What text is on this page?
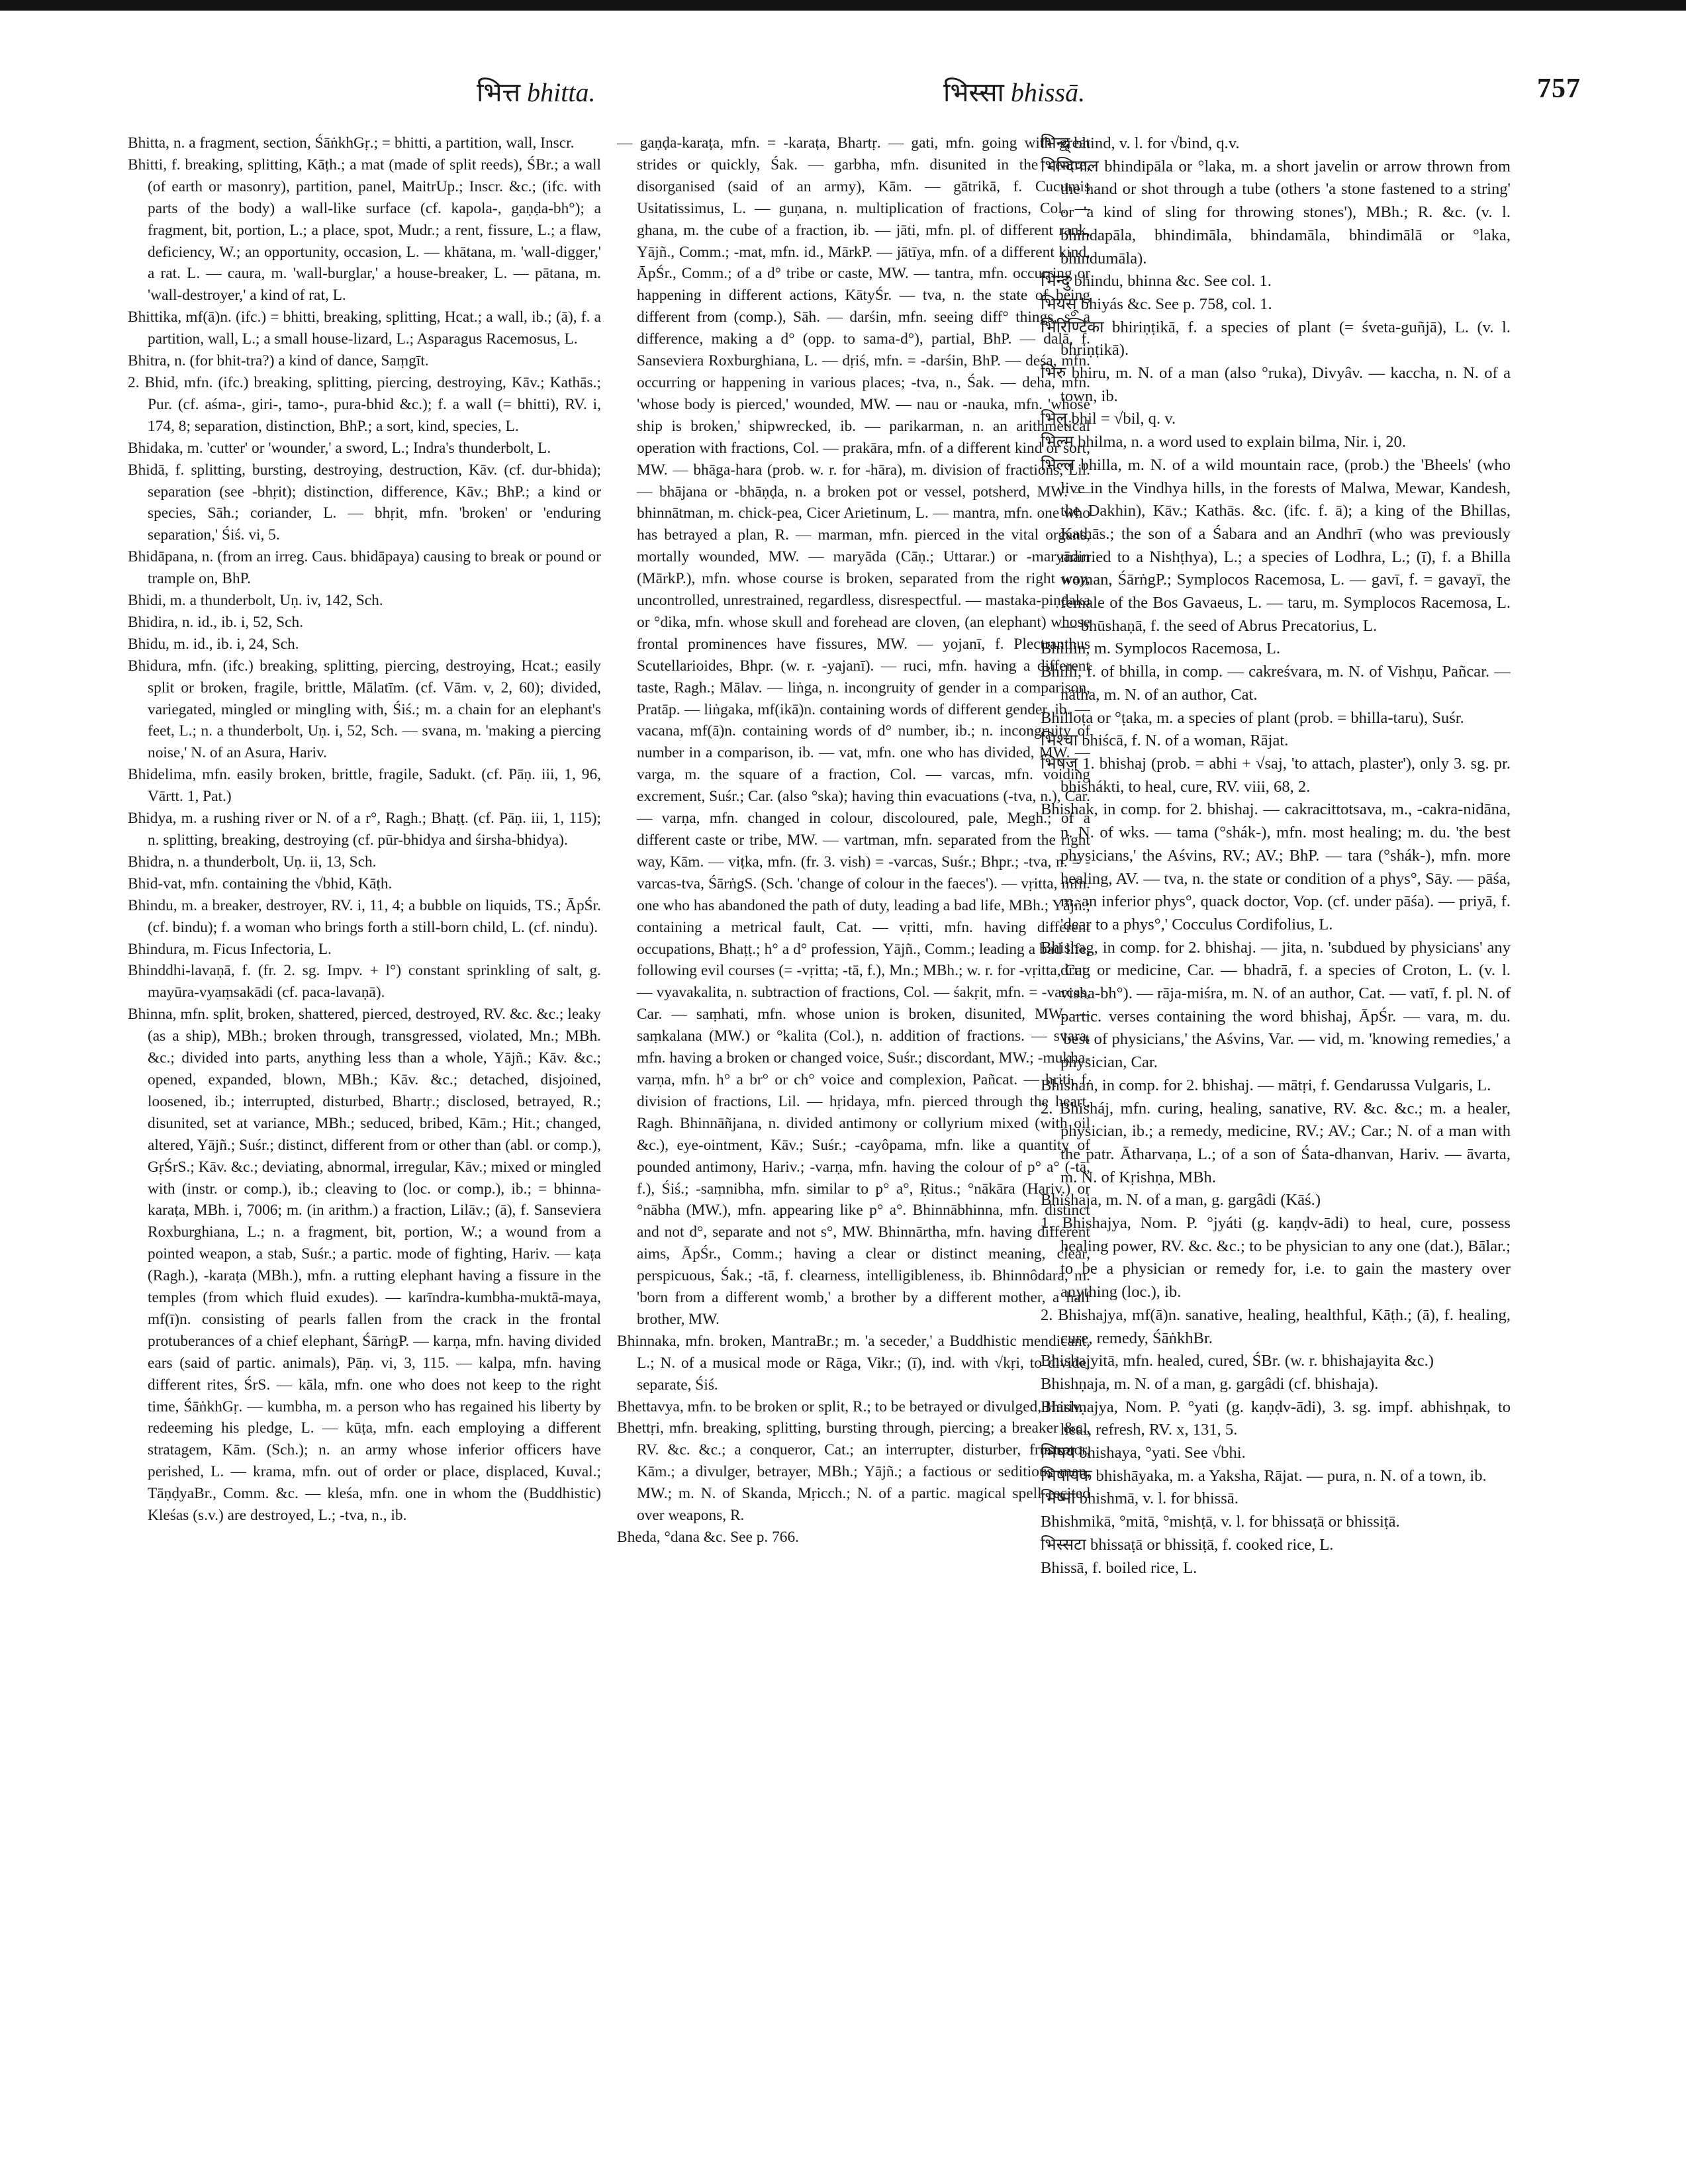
भित्त bhitta.	भिस्सा bhissā.	757

Bhitta, n. a fragment, section, ŚāṅkhGṛ.; = bhitti, a partition, wall, Inscr.

Bhitti, f. breaking, splitting, Kāṭh.; a mat (made of split reeds), ŚBr.; a wall (of earth or masonry), partition, panel, MaitrUp.; Inscr. &c.; (ifc. with parts of the body) a wall-like surface (cf. kapola-, gaṇḍa-bh°); a fragment, bit, portion, L.; a place, spot, Mudr.; a rent, fissure, L.; a flaw, deficiency, W.; an opportunity, occasion, L. — khātana, m. 'wall-digger,' a rat. L. — caura, m. 'wall-burglar,' a house-breaker, L. — pātana, m. 'wall-destroyer,' a kind of rat, L.

Bhittika, mf(ā)n. (ifc.) = bhitti, breaking, splitting, Hcat.; a wall, ib.; (ā), f. a partition, wall, L.; a small house-lizard, L.; Asparagus Racemosus, L.

Bhitra, n. (for bhit-tra?) a kind of dance, Saṃgīt.

2. Bhid, mfn. (ifc.) breaking, splitting, piercing, destroying, Kāv.; Kathās.; Pur. (cf. aśma-, giri-, tamo-, pura-bhid &c.); f. a wall (= bhitti), RV. i, 174, 8; separation, distinction, BhP.; a sort, kind, species, L.

Bhidaka, m. 'cutter' or 'wounder,' a sword, L.; Indra's thunderbolt, L.

Bhidā, f. splitting, bursting, destroying, destruction, Kāv. (cf. dur-bhida); separation (see -bhṛit); distinction, difference, Kāv.; BhP.; a kind or species, Sāh.; coriander, L. — bhṛit, mfn. 'broken' or 'enduring separation,' Śiś. vi, 5.

Bhidāpana, n. (from an irreg. Caus. bhidāpaya) causing to break or pound or trample on, BhP.

Bhidi, m. a thunderbolt, Uṇ. iv, 142, Sch.

Bhidira, n. id., ib. i, 52, Sch.

Bhidu, m. id., ib. i, 24, Sch.

Bhidura, mfn. (ifc.) breaking, splitting, piercing, destroying, Hcat.; easily split or broken, fragile, brittle, Mālatīm. (cf. Vām. v, 2, 60); divided, variegated, mingled or mingling with, Śiś.; m. a chain for an elephant's feet, L.; n. a thunderbolt, Uṇ. i, 52, Sch. — svana, m. 'making a piercing noise,' N. of an Asura, Hariv.

Bhidelima, mfn. easily broken, brittle, fragile, Sadukt. (cf. Pāṇ. iii, 1, 96, Vārtt. 1, Pat.)

Bhidya, m. a rushing river or N. of a r°, Ragh.; Bhaṭṭ. (cf. Pāṇ. iii, 1, 115); n. splitting, breaking, destroying (cf. pūr-bhidya and śirsha-bhidya).

Bhidra, n. a thunderbolt, Uṇ. ii, 13, Sch.

Bhid-vat, mfn. containing the √bhid, Kāṭh.

Bhindu, m. a breaker, destroyer, RV. i, 11, 4; a bubble on liquids, TS.; ĀpŚr. (cf. bindu); f. a woman who brings forth a still-born child, L. (cf. nindu).

Bhindura, m. Ficus Infectoria, L.

Bhinddhi-lavaṇā, f. (fr. 2. sg. Impv. + l°) constant sprinkling of salt, g. mayūra-vyaṃsakādi (cf. paca-lavaṇā).

Bhinna, mfn. split, broken, shattered, pierced, destroyed, RV. &c. &c.; leaky (as a ship), MBh.; broken through, transgressed, violated, Mn.; MBh. &c.; divided into parts, anything less than a whole, Yājñ.; Kāv. &c.; opened, expanded, blown, MBh.; Kāv. &c.; detached, disjoined, loosened, ib.; interrupted, disturbed, Bhartṛ.; disclosed, betrayed, R.; disunited, set at variance, MBh.; seduced, bribed, Kām.; Hit.; changed, altered, Yājñ.; Suśr.; distinct, different from or other than (abl. or comp.), GṛŚrS.; Kāv. &c.; deviating, abnormal, irregular, Kāv.; mixed or mingled with (instr. or comp.), ib.; cleaving to (loc. or comp.), ib.; = bhinna-karaṭa, MBh. i, 7006; m. (in arithm.) a fraction, Lilāv.; (ā), f. Sanseviera Roxburghiana, L.; n. a fragment, bit, portion, W.; a wound from a pointed weapon, a stab, Suśr.; a partic. mode of fighting, Hariv. — kaṭa (Ragh.), -karaṭa (MBh.), mfn. a rutting elephant having a fissure in the temples (from which fluid exudes). — karīndra-kumbha-muktā-maya, mf(ī)n. consisting of pearls fallen from the crack in the frontal protuberances of a chief elephant, ŚārṅgP. — karṇa, mfn. having divided ears (said of partic. animals), Pāṇ. vi, 3, 115. — kalpa, mfn. having different rites, ŚrS. — kāla, mfn. one who does not keep to the right time, ŚāṅkhGṛ. — kumbha, m. a person who has regained his liberty by redeeming his pledge, L. — kūṭa, mfn. each employing a different stratagem, Kām. (Sch.); n. an army whose inferior officers have perished, L. — krama, mfn. out of order or place, displaced, Kuval.; TāṇḍyaBr., Comm. &c. — kleśa, mfn. one in whom the (Buddhistic) Kleśas (s.v.) are destroyed, L.; -tva, n., ib.

— gaṇḍa-karaṭa, mfn. = -karaṭa, Bhartṛ. — gati, mfn. going with great strides or quickly, Śak. — garbha, mfn. disunited in the centre, disorganised (said of an army), Kām. — gātrikā, f. Cucumis Usitatissimus, L. — guṇana, n. multiplication of fractions, Col. — ghana, m. the cube of a fraction, ib. — jāti, mfn. pl. of different rank, Yājñ., Comm.; -mat, mfn. id., MārkP. — jātīya, mfn. of a different kind, ĀpŚr., Comm.; of a d° tribe or caste, MW. — tantra, mfn. occurring or happening in different actions, KātyŚr. — tva, n. the state of being different from (comp.), Sāh. — darśin, mfn. seeing diff° things, s° a difference, making a d° (opp. to sama-d°), partial, BhP. — dalā, f. Sanseviera Roxburghiana, L. — dṛiś, mfn. = -darśin, BhP. — deśa, mfn. occurring or happening in various places; -tva, n., Śak. — deha, mfn. 'whose body is pierced,' wounded, MW. — nau or -nauka, mfn. 'whose ship is broken,' shipwrecked, ib. — parikarman, n. an arithmetical operation with fractions, Col. — prakāra, mfn. of a different kind or sort, MW. — bhāga-hara (prob. w. r. for -hāra), m. division of fractions, Lil. — bhājana or -bhāṇḍa, n. a broken pot or vessel, potsherd, MW. — bhinnātman, m. chick-pea, Cicer Arietinum, L. — mantra, mfn. one who has betrayed a plan, R. — marman, mfn. pierced in the vital organs, mortally wounded, MW. — maryāda (Cāṇ.; Uttarar.) or -maryādin (MārkP.), mfn. whose course is broken, separated from the right way, uncontrolled, unrestrained, regardless, disrespectful. — mastaka-piṇḍaka or °dika, mfn. whose skull and forehead are cloven, (an elephant) whose frontal prominences have fissures, MW. — yojanī, f. Plectranthus Scutellarioides, Bhpr. (w. r. -yajanī). — ruci, mfn. having a different taste, Ragh.; Mālav. — liṅga, n. incongruity of gender in a comparison, Pratāp. — liṅgaka, mf(ikā)n. containing words of different gender, ib. — vacana, mf(ā)n. containing words of d° number, ib.; n. incongruity of number in a comparison, ib. — vat, mfn. one who has divided, MW. — varga, m. the square of a fraction, Col. — varcas, mfn. voiding excrement, Suśr.; Car. (also °ska); having thin evacuations (-tva, n.), Car. — varṇa, mfn. changed in colour, discoloured, pale, Megh.; of a different caste or tribe, MW. — vartman, mfn. separated from the right way, Kām. — viṭka, mfn. (fr. 3. vish) = -varcas, Suśr.; Bhpr.; -tva, n. = -varcas-tva, ŚārṅgS. (Sch. 'change of colour in the faeces'). — vṛitta, mfn. one who has abandoned the path of duty, leading a bad life, MBh.; Yājñ.; containing a metrical fault, Cat. — vṛitti, mfn. having different occupations, Bhaṭṭ.; h° a d° profession, Yājñ., Comm.; leading a bad life, following evil courses (= -vṛitta; -tā, f.), Mn.; MBh.; w. r. for -vṛitta, Cat. — vyavakalita, n. subtraction of fractions, Col. — śakṛit, mfn. = -varcas, Car. — saṃhati, mfn. whose union is broken, disunited, MW. — saṃkalana (MW.) or °kalita (Col.), n. addition of fractions. — svara, mfn. having a broken or changed voice, Suśr.; discordant, MW.; -mukha-varṇa, mfn. h° a br° or ch° voice and complexion, Pañcat. — hṛiti, f. division of fractions, Lil. — hṛidaya, mfn. pierced through the heart, Ragh. Bhinnāñjana, n. divided antimony or collyrium mixed (with oil &c.), eye-ointment, Kāv.; Suśr.; -cayôpama, mfn. like a quantity of pounded antimony, Hariv.; -varṇa, mfn. having the colour of p° a° (-tā, f.), Śiś.; -saṃnibha, mfn. similar to p° a°, Ṛitus.; °nākāra (Hariv.) or °nābha (MW.), mfn. appearing like p° a°. Bhinnābhinna, mfn. distinct and not d°, separate and not s°, MW. Bhinnārtha, mfn. having different aims, ĀpŚr., Comm.; having a clear or distinct meaning, clear, perspicuous, Śak.; -tā, f. clearness, intelligibleness, ib. Bhinnôdara, m. 'born from a different womb,' a brother by a different mother, a half brother, MW.

Bhinnaka, mfn. broken, MantraBr.; m. 'a seceder,' a Buddhistic mendicant, L.; N. of a musical mode or Rāga, Vikr.; (ī), ind. with √kṛi, to divide, separate, Śiś.

Bhettavya, mfn. to be broken or split, R.; to be betrayed or divulged, Hariv.

Bhettṛi, mfn. breaking, splitting, bursting through, piercing; a breaker &c., RV. &c. &c.; a conqueror, Cat.; an interrupter, disturber, frustrator, Kām.; a divulger, betrayer, MBh.; Yājñ.; a factious or seditious man, MW.; m. N. of Skanda, Mṛicch.; N. of a partic. magical spell recited over weapons, R.

Bheda, °dana &c. See p. 766.

भिन्द् bhind, v. l. for √bind, q.v.

भिन्दिपाल bhindipāla or °laka, m. a short javelin or arrow thrown from the hand or shot through a tube (others 'a stone fastened to a string' or 'a kind of sling for throwing stones'), MBh.; R. &c. (v. l. bhindapāla, bhindimāla, bhindamāla, bhindimālā or °laka, bhindumāla).

भिन्दु bhindu, bhinna &c. See col. 1.

भियस् bhiyás &c. See p. 758, col. 1.

भिरिण्टिका bhiriṇṭikā, f. a species of plant (= śveta-guñjā), L. (v. l. bhriṇṭikā).

भिरु bhiru, m. N. of a man (also °ruka), Divyâv. — kaccha, n. N. of a town, ib.

भिल् bhil = √bil, q. v.

भिल्म bhilma, n. a word used to explain bilma, Nir. i, 20.

भिल्ल bhilla, m. N. of a wild mountain race, (prob.) the 'Bheels' (who live in the Vindhya hills, in the forests of Malwa, Mewar, Kandesh, the Dakhin), Kāv.; Kathās. &c. (ifc. f. ā); a king of the Bhillas, Kathās.; the son of a Śabara and an Andhrī (who was previously married to a Nishṭhya), L.; a species of Lodhra, L.; (ī), f. a Bhilla woman, ŚārṅgP.; Symplocos Racemosa, L. — gavī, f. = gavayī, the female of the Bos Gavaeus, L. — taru, m. Symplocos Racemosa, L. — bhūshaṇā, f. the seed of Abrus Precatorius, L.

Bhillin, m. Symplocos Racemosa, L.

Bhillī, f. of bhilla, in comp. — cakreśvara, m. N. of Vishṇu, Pañcar. — nātha, m. N. of an author, Cat.

Bhilloṭa or °ṭaka, m. a species of plant (prob. = bhilla-taru), Suśr.

भिश्चा bhiścā, f. N. of a woman, Rājat.

भिषज् 1. bhishaj (prob. = abhi + √saj, 'to attach, plaster'), only 3. sg. pr. bhishákti, to heal, cure, RV. viii, 68, 2.

Bhishak, in comp. for 2. bhishaj. — cakracittotsava, m., -cakra-nidāna, n. N. of wks. — tama (°shák-), mfn. most healing; m. du. 'the best physicians,' the Aśvins, RV.; AV.; BhP. — tara (°shák-), mfn. more healing, AV. — tva, n. the state or condition of a phys°, Sāy. — pāśa, m. an inferior phys°, quack doctor, Vop. (cf. under pāśa). — priyā, f. 'dear to a phys°,' Cocculus Cordifolius, L.

Bhishag, in comp. for 2. bhishaj. — jita, n. 'subdued by physicians' any drug or medicine, Car. — bhadrā, f. a species of Croton, L. (v. l. visha-bh°). — rāja-miśra, m. N. of an author, Cat. — vatī, f. pl. N. of partic. verses containing the word bhishaj, ĀpŚr. — vara, m. du. 'best of physicians,' the Aśvins, Var. — vid, m. 'knowing remedies,' a physician, Car.

Bhishaṅ, in comp. for 2. bhishaj. — mātṛi, f. Gendarussa Vulgaris, L.

2. Bhisháj, mfn. curing, healing, sanative, RV. &c. &c.; m. a healer, physician, ib.; a remedy, medicine, RV.; AV.; Car.; N. of a man with the patr. Ātharvaṇa, L.; of a son of Śata-dhanvan, Hariv. — āvarta, m. N. of Kṛishṇa, MBh.

Bhishaja, m. N. of a man, g. gargâdi (Kāś.)

1. Bhishajya, Nom. P. °jyáti (g. kaṇḍv-ādi) to heal, cure, possess healing power, RV. &c. &c.; to be physician to any one (dat.), Bālar.; to be a physician or remedy for, i.e. to gain the mastery over anything (loc.), ib.

2. Bhishajya, mf(ā)n. sanative, healing, healthful, Kāṭh.; (ā), f. healing, cure, remedy, ŚāṅkhBr.

Bhishajyitā, mfn. healed, cured, ŚBr. (w. r. bhishajayita &c.)

Bhishṇaja, m. N. of a man, g. gargâdi (cf. bhishaja).

Bhishṇajya, Nom. P. °yati (g. kaṇḍv-ādi), 3. sg. impf. abhishṇak, to heal, refresh, RV. x, 131, 5.

भिषय bhishaya, °yati. See √bhi.

भिषायक bhishāyaka, m. a Yaksha, Rājat. — pura, n. N. of a town, ib.

भिष्मा bhishmā, v. l. for bhissā.

Bhishmikā, °mitā, °mishṭā, v. l. for bhissaṭā or bhissiṭā.

भिस्सटा bhissaṭā or bhissiṭā, f. cooked rice, L.

Bhissā, f. boiled rice, L.
